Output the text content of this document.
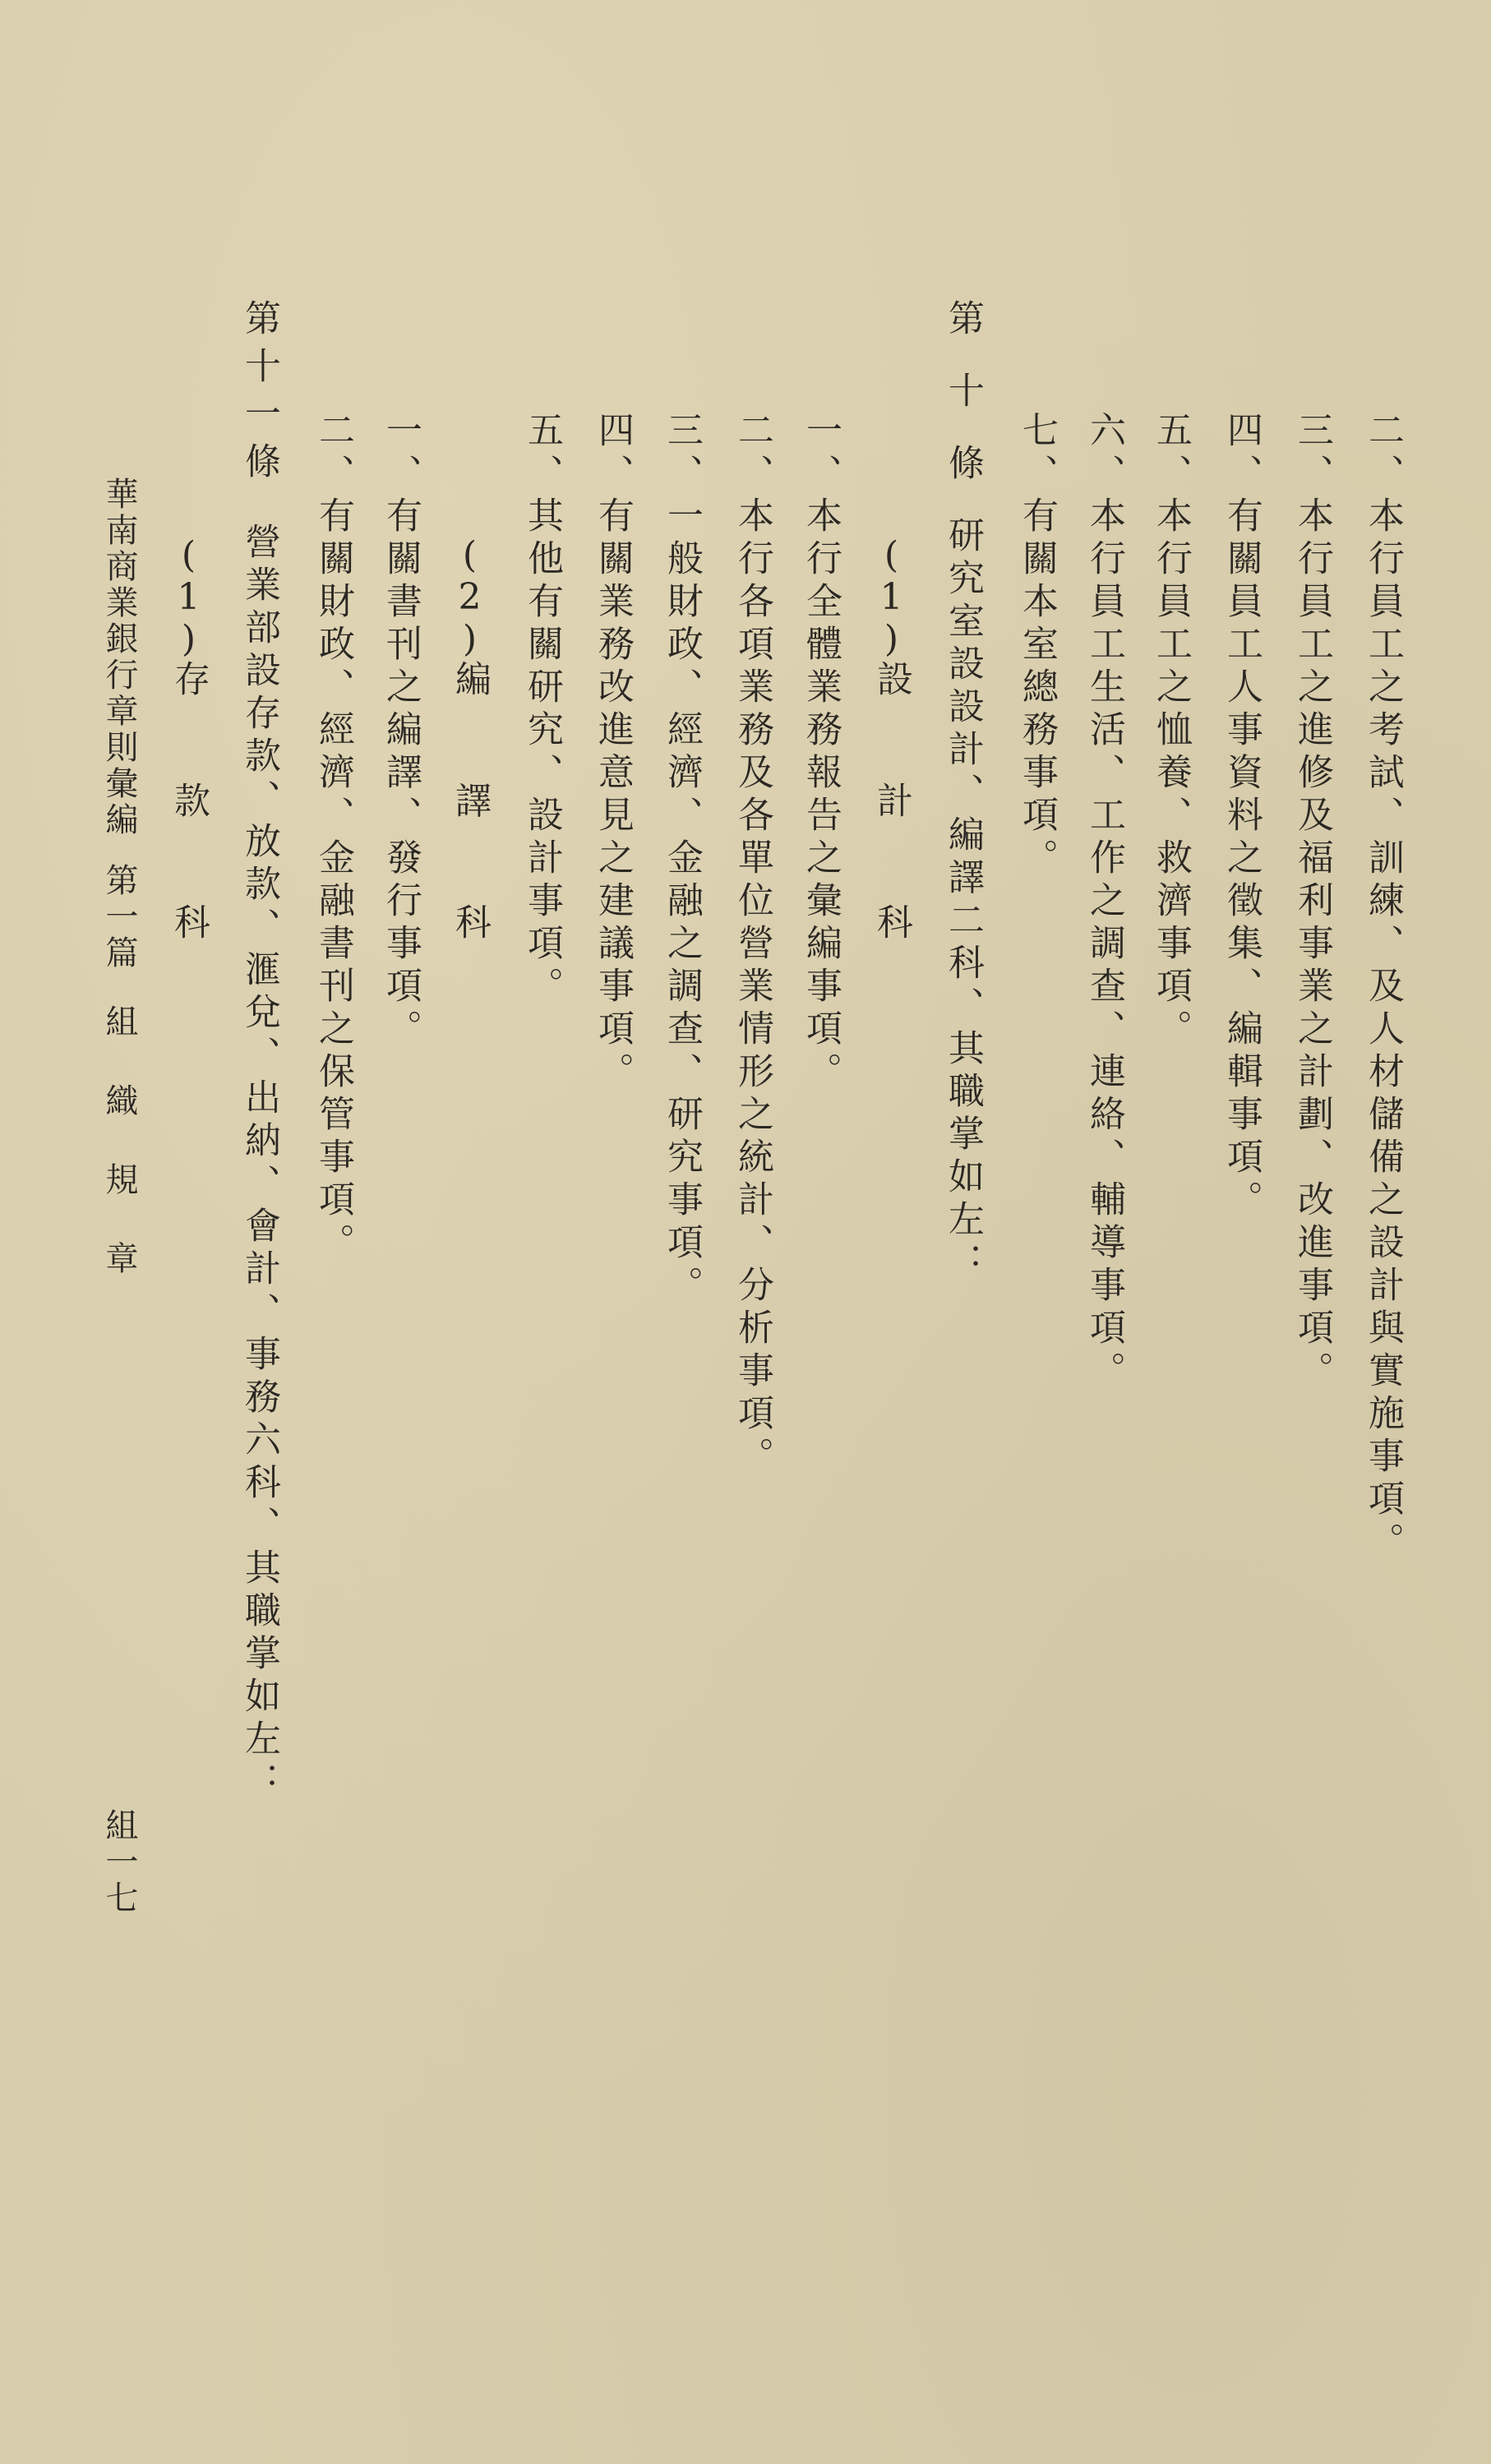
二、本行員工之考試、訓練、及人材儲備之設計與實施事項。
三、本行員工之進修及福利事業之計劃、改進事項。
四、有關員工人事資料之徵集、編輯事項。
五、本行員工之恤養、救濟事項。
六、本行員工生活、工作之調查、連絡、輔導事項。
七、有關本室總務事項。
第十條研究室設設計、編譯二科、其職掌如左：
(1)設計科
一、本行全體業務報告之彙編事項。
二、本行各項業務及各單位營業情形之統計、分析事項。
三、一般財政、經濟、金融之調查、研究事項。
四、有關業務改進意見之建議事項。
五、其他有關研究、設計事項。
(2)編譯科
一、有關書刊之編譯、發行事項。
二、有關財政、經濟、金融書刊之保管事項。
第十一條營業部設存款、放款、滙兌、出納、會計、事務六科、其職掌如左：
(1)存款科
華南商業銀行章則彙編第一篇組織規章
組一七
